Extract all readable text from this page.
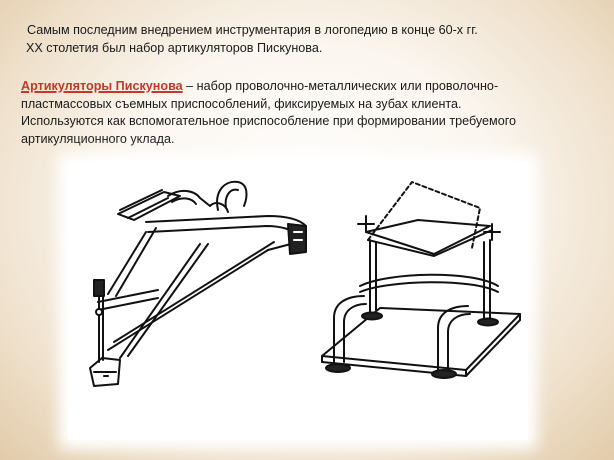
Самым последним внедрением инструментария в логопедию в конце 60-х гг.
ХХ столетия был набор артикуляторов Пискунова.
Артикуляторы Пискунова – набор проволочно-металлических или проволочно-
пластмассовых съемных приспособлений, фиксируемых на зубах клиента.
Используются как вспомогательное приспособление при формировании требуемого
артикуляционного уклада.
